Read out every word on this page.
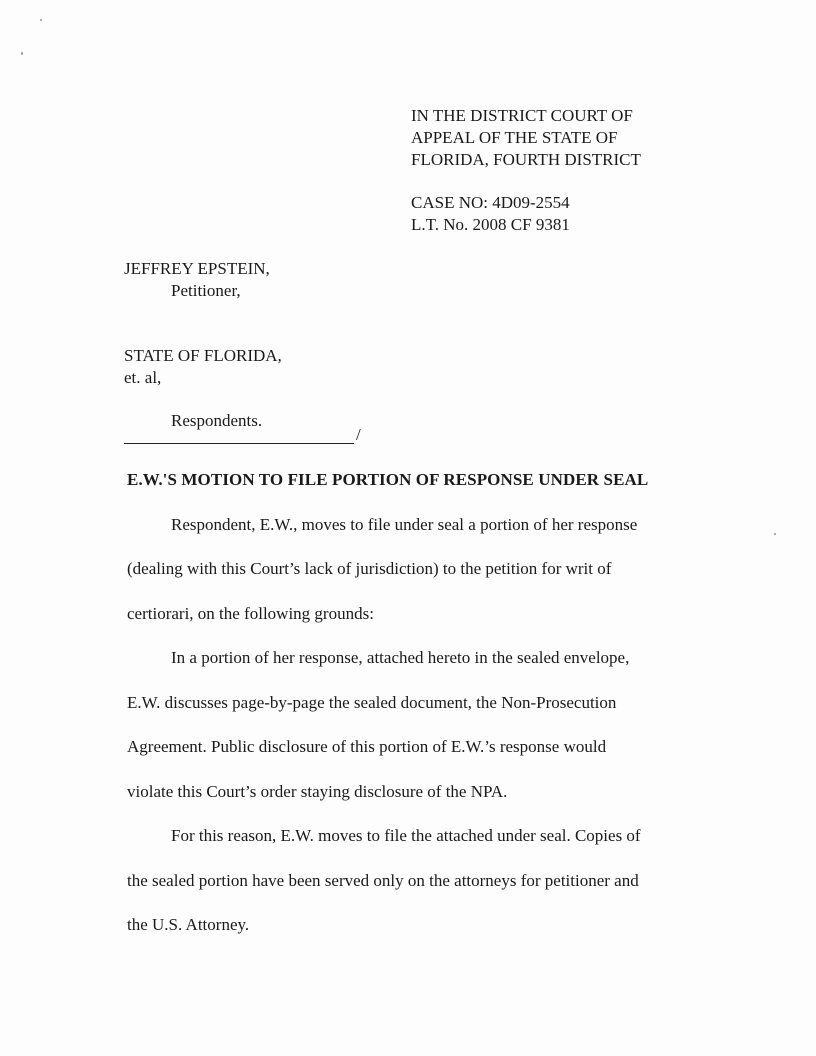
IN THE DISTRICT COURT OF
APPEAL OF THE STATE OF
FLORIDA, FOURTH DISTRICT
CASE NO: 4D09-2554
L.T. No. 2008 CF 9381
JEFFREY EPSTEIN,
Petitioner,
STATE OF FLORIDA,
et. al,
Respondents.
/
E.W.'S MOTION TO FILE PORTION OF RESPONSE UNDER SEAL
Respondent, E.W., moves to file under seal a portion of her response
(dealing with this Court’s lack of jurisdiction) to the petition for writ of
certiorari, on the following grounds:
In a portion of her response, attached hereto in the sealed envelope,
E.W. discusses page-by-page the sealed document, the Non-Prosecution
Agreement. Public disclosure of this portion of E.W.’s response would
violate this Court’s order staying disclosure of the NPA.
For this reason, E.W. moves to file the attached under seal. Copies of
the sealed portion have been served only on the attorneys for petitioner and
the U.S. Attorney.
